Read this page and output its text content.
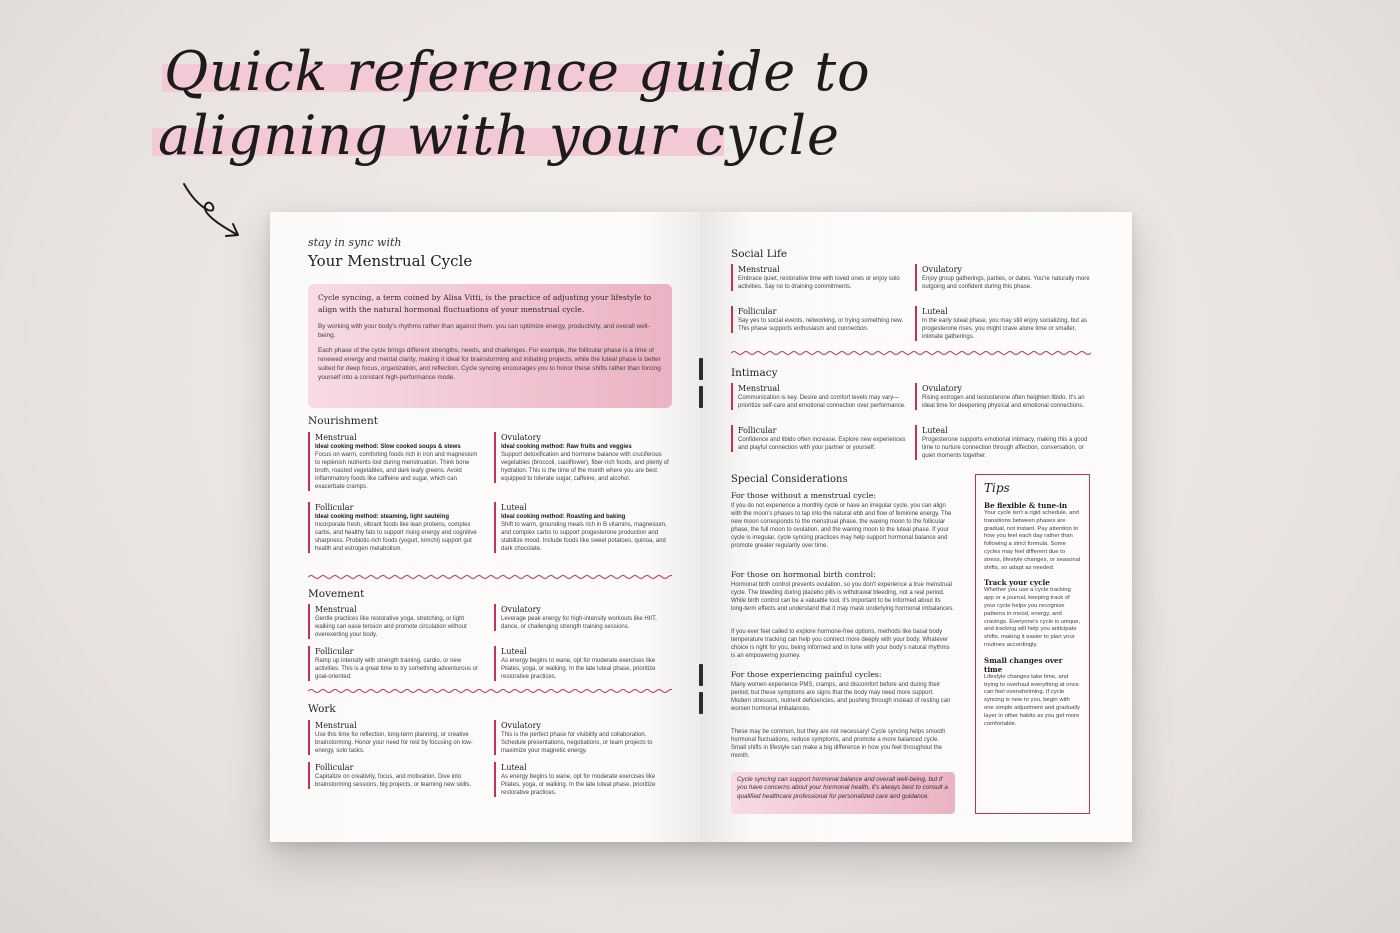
Quick reference guide to
aligning with your cycle
stay in sync with
Your Menstrual Cycle
Cycle syncing, a term coined by Alisa Vitti, is the practice of adjusting your lifestyle to align with the natural hormonal fluctuations of your menstrual cycle.
By working with your body's rhythms rather than against them, you can optimize energy, productivity, and overall well-being.
Each phase of the cycle brings different strengths, needs, and challenges. For example, the follicular phase is a time of renewed energy and mental clarity, making it ideal for brainstorming and initiating projects, while the luteal phase is better suited for deep focus, organization, and reflection. Cycle syncing encourages you to honor these shifts rather than forcing yourself into a constant high-performance mode.
Nourishment
Menstrual
Ideal cooking method: Slow cooked soups & stews
Focus on warm, comforting foods rich in iron and magnesium to replenish nutrients lost during menstruation. Think bone broth, roasted vegetables, and dark leafy greens. Avoid inflammatory foods like caffeine and sugar, which can exacerbate cramps.
Ovulatory
Ideal cooking method: Raw fruits and veggies
Support detoxification and hormone balance with cruciferous vegetables (broccoli, cauliflower), fiber-rich foods, and plenty of hydration. This is the time of the month where you are best equipped to tolerate sugar, caffeine, and alcohol.
Follicular
Ideal cooking method: steaming, light sautéing
Incorporate fresh, vibrant foods like lean proteins, complex carbs, and healthy fats to support rising energy and cognitive sharpness. Probiotic-rich foods (yogurt, kimchi) support gut health and estrogen metabolism.
Luteal
Ideal cooking method: Roasting and baking
Shift to warm, grounding meals rich in B vitamins, magnesium, and complex carbs to support progesterone production and stabilize mood. Include foods like sweet potatoes, quinoa, and dark chocolate.
Movement
Menstrual
Gentle practices like restorative yoga, stretching, or light walking can ease tension and promote circulation without overexerting your body.
Ovulatory
Leverage peak energy for high-intensity workouts like HIIT, dance, or challenging strength training sessions.
Follicular
Ramp up intensity with strength training, cardio, or new activities. This is a great time to try something adventurous or goal-oriented.
Luteal
As energy begins to wane, opt for moderate exercises like Pilates, yoga, or walking. In the late luteal phase, prioritize restorative practices.
Work
Menstrual
Use this time for reflection, long-term planning, or creative brainstorming. Honor your need for rest by focusing on low-energy, solo tasks.
Ovulatory
This is the perfect phase for visibility and collaboration. Schedule presentations, negotiations, or team projects to maximize your magnetic energy.
Follicular
Capitalize on creativity, focus, and motivation. Dive into brainstorming sessions, big projects, or learning new skills.
Luteal
As energy begins to wane, opt for moderate exercises like Pilates, yoga, or walking. In the late luteal phase, prioritize restorative practices.
Social Life
Menstrual
Embrace quiet, restorative time with loved ones or enjoy solo activities. Say no to draining commitments.
Ovulatory
Enjoy group gatherings, parties, or dates. You're naturally more outgoing and confident during this phase.
Follicular
Say yes to social events, networking, or trying something new. This phase supports enthusiasm and connection.
Luteal
In the early luteal phase, you may still enjoy socializing, but as progesterone rises, you might crave alone time or smaller, intimate gatherings.
Intimacy
Menstrual
Communication is key. Desire and comfort levels may vary—prioritize self-care and emotional connection over performance.
Ovulatory
Rising estrogen and testosterone often heighten libido. It's an ideal time for deepening physical and emotional connections.
Follicular
Confidence and libido often increase. Explore new experiences and playful connection with your partner or yourself.
Luteal
Progesterone supports emotional intimacy, making this a good time to nurture connection through affection, conversation, or quiet moments together.
Special Considerations
For those without a menstrual cycle:
If you do not experience a monthly cycle or have an irregular cycle, you can align with the moon's phases to tap into the natural ebb and flow of feminine energy. The new moon corresponds to the menstrual phase, the waxing moon to the follicular phase, the full moon to ovulation, and the waning moon to the luteal phase. If your cycle is irregular, cycle syncing practices may help support hormonal balance and promote greater regularity over time.
For those on hormonal birth control:
Hormonal birth control prevents ovulation, so you don't experience a true menstrual cycle. The bleeding during placebo pills is withdrawal bleeding, not a real period. While birth control can be a valuable tool, it's important to be informed about its long-term effects and understand that it may mask underlying hormonal imbalances.
If you ever feel called to explore hormone-free options, methods like basal body temperature tracking can help you connect more deeply with your body. Whatever choice is right for you, being informed and in tune with your body's natural rhythms is an empowering journey.
For those experiencing painful cycles:
Many women experience PMS, cramps, and discomfort before and during their period, but these symptoms are signs that the body may need more support. Modern stressors, nutrient deficiencies, and pushing through instead of resting can worsen hormonal imbalances.
These may be common, but they are not necessary! Cycle syncing helps smooth hormonal fluctuations, reduce symptoms, and promote a more balanced cycle. Small shifts in lifestyle can make a big difference in how you feel throughout the month.
Cycle syncing can support hormonal balance and overall well-being, but if you have concerns about your hormonal health, it's always best to consult a qualified healthcare professional for personalized care and guidance.
Tips
Be flexible & tune-in
Your cycle isn't a rigid schedule, and transitions between phases are gradual, not instant. Pay attention to how you feel each day rather than following a strict formula. Some cycles may feel different due to stress, lifestyle changes, or seasonal shifts, so adapt as needed.
Track your cycle
Whether you use a cycle tracking app or a journal, keeping track of your cycle helps you recognize patterns in mood, energy, and cravings. Everyone's cycle is unique, and tracking will help you anticipate shifts, making it easier to plan your routines accordingly.
Small changes over time
Lifestyle changes take time, and trying to overhaul everything at once can feel overwhelming. If cycle syncing is new to you, begin with one simple adjustment and gradually layer in other habits as you get more comfortable.
